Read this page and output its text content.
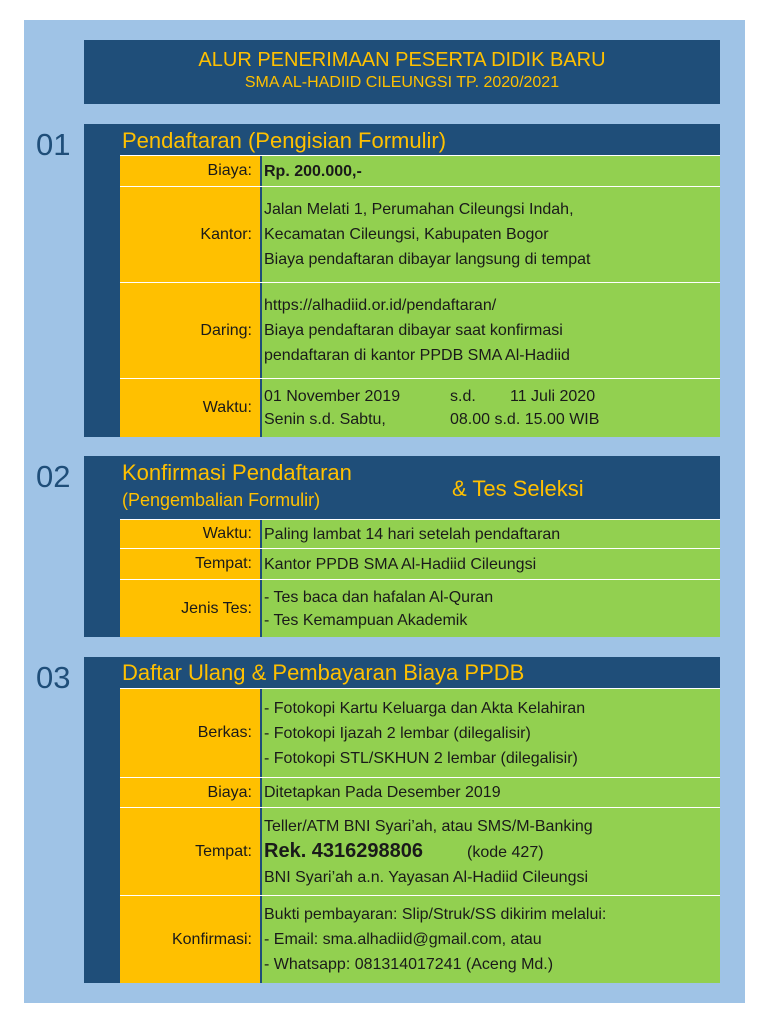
ALUR PENERIMAAN PESERTA DIDIK BARU
SMA AL-HADIID CILEUNGSI TP. 2020/2021
01 Pendaftaran (Pengisian Formulir)
Biaya: Rp. 200.000,-
Kantor:
Jalan Melati 1, Perumahan Cileungsi Indah,
Kecamatan Cileungsi, Kabupaten Bogor
Biaya pendaftaran dibayar langsung di tempat
Daring:
https://alhadiid.or.id/pendaftaran/
Biaya pendaftaran dibayar saat konfirmasi
pendaftaran di kantor PPDB SMA Al-Hadiid
Waktu:
01 November 2019	s.d. 11 Juli 2020
Senin s.d. Sabtu,	08.00 s.d. 15.00 WIB
02 Konfirmasi Pendaftaran
(Pengembalian Formulir)	& Tes Seleksi
Waktu: Paling lambat 14 hari setelah pendaftaran
Tempat: Kantor PPDB SMA Al-Hadiid Cileungsi
Jenis Tes:
- Tes baca dan hafalan Al-Quran
- Tes Kemampuan Akademik
03 Daftar Ulang & Pembayaran Biaya PPDB
Berkas:
- Fotokopi Kartu Keluarga dan Akta Kelahiran
- Fotokopi Ijazah 2 lembar (dilegalisir)
- Fotokopi STL/SKHUN 2 lembar (dilegalisir)
Biaya: Ditetapkan Pada Desember 2019
Tempat:
Teller/ATM BNI Syari’ah, atau SMS/M-Banking
Rek. 4316298806	(kode 427)
BNI Syari’ah a.n. Yayasan Al-Hadiid Cileungsi
Konfirmasi:
Bukti pembayaran: Slip/Struk/SS dikirim melalui:
- Email: sma.alhadiid@gmail.com, atau
- Whatsapp: 081314017241 (Aceng Md.)
